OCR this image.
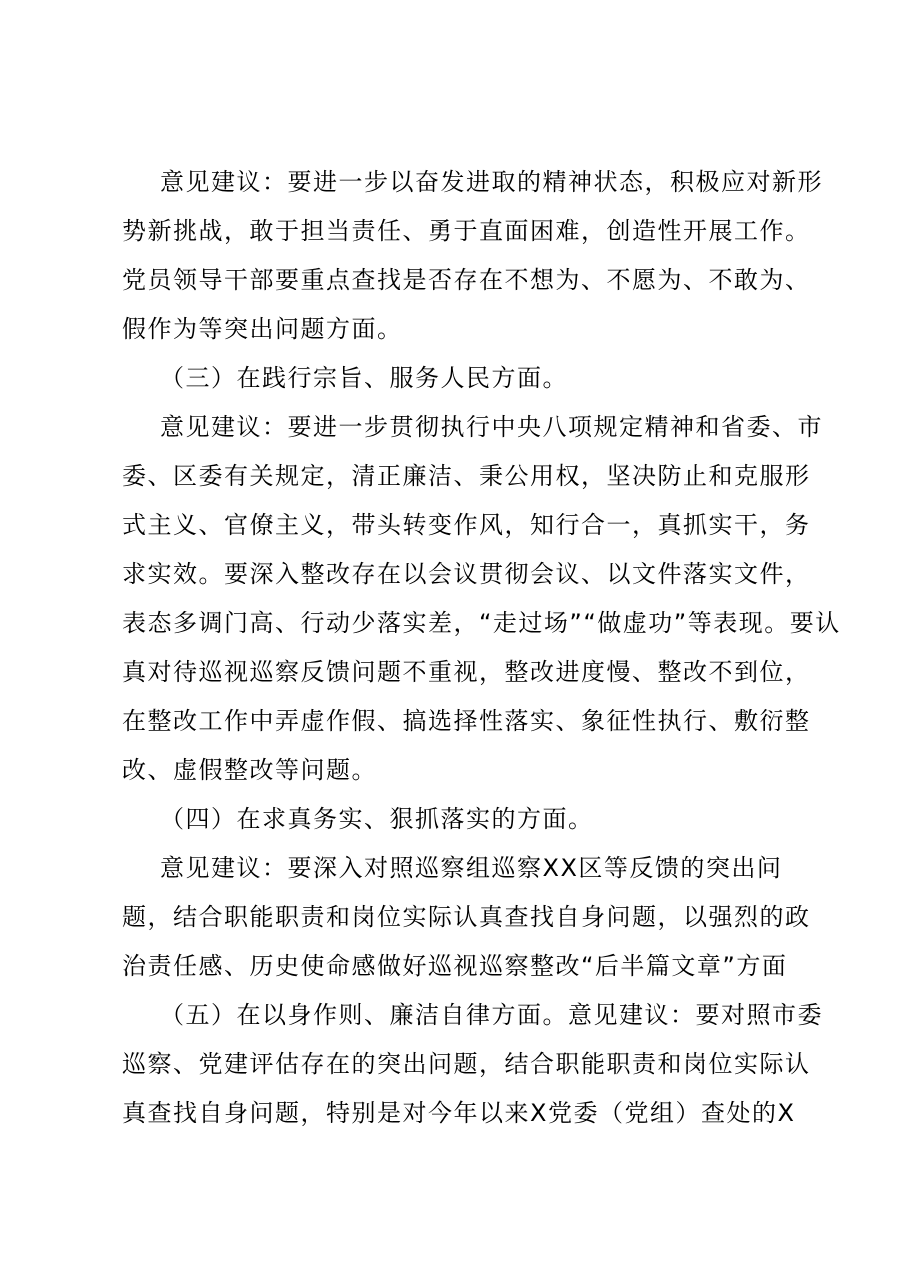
意见建议：要进一步以奋发进取的精神状态，积极应对新形
势新挑战，敢于担当责任、勇于直面困难，创造性开展工作。
党员领导干部要重点查找是否存在不想为、不愿为、不敢为、
假作为等突出问题方面。
（三）在践行宗旨、服务人民方面。
意见建议：要进一步贯彻执行中央八项规定精神和省委、市
委、区委有关规定，清正廉洁、秉公用权，坚决防止和克服形
式主义、官僚主义，带头转变作风，知行合一，真抓实干，务
求实效。要深入整改存在以会议贯彻会议、以文件落实文件，
表态多调门高、行动少落实差，“走过场”“做虚功”等表现。要认
真对待巡视巡察反馈问题不重视，整改进度慢、整改不到位，
在整改工作中弄虚作假、搞选择性落实、象征性执行、敷衍整
改、虚假整改等问题。
（四）在求真务实、狠抓落实的方面。
意见建议：要深入对照巡察组巡察XX区等反馈的突出问
题，结合职能职责和岗位实际认真查找自身问题，以强烈的政
治责任感、历史使命感做好巡视巡察整改“后半篇文章”方面
（五）在以身作则、廉洁自律方面。意见建议：要对照市委
巡察、党建评估存在的突出问题，结合职能职责和岗位实际认
真查找自身问题，特别是对今年以来X党委（党组）查处的X
